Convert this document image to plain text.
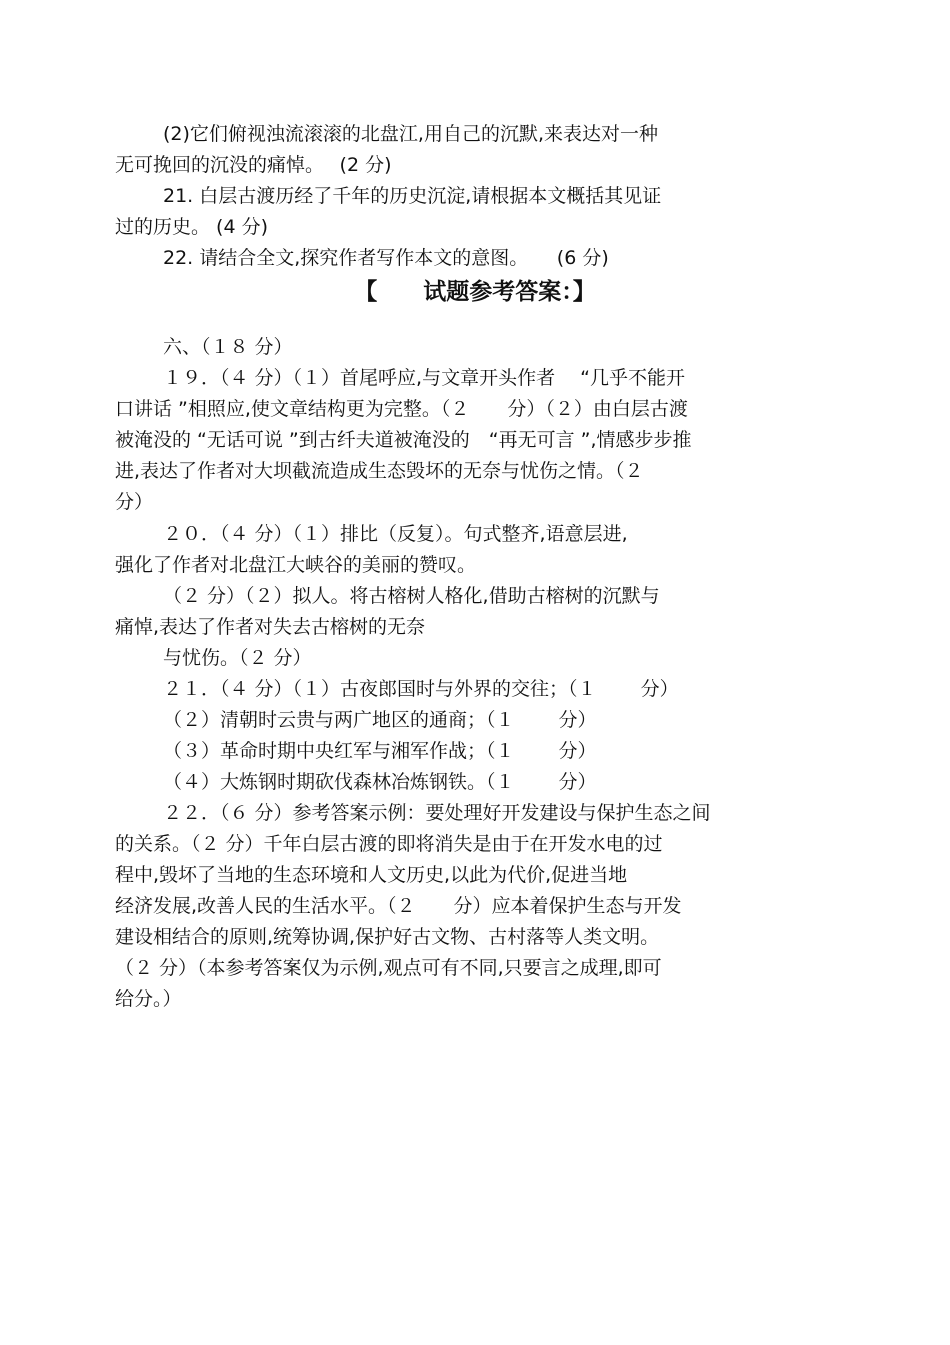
(2)它们俯视浊流滚滚的北盘江,用自己的沉默,来表达对一种
无可挽回的沉没的痛悼。　 (2 分)
21. 白层古渡历经了千年的历史沉淀,请根据本文概括其见证
过的历史。 (4 分)
22. 请结合全文,探究作者写作本文的意图。　　(6 分)
【　　试题参考答案：】
六、（１８ 分）
１９．（４ 分）（１）首尾呼应,与文章开头作者　 “几乎不能开
口讲话 ”相照应,使文章结构更为完整。（２　　分）（２）由白层古渡
被淹没的 “无话可说 ”到古纤夫道被淹没的　“再无可言 ”,情感步步推
进,表达了作者对大坝截流造成生态毁坏的无奈与忧伤之情。（２
分）
２０．（４ 分）（１）排比（反复）。句式整齐,语意层进,
强化了作者对北盘江大峡谷的美丽的赞叹。
（２ 分）（２）拟人。将古榕树人格化,借助古榕树的沉默与
痛悼,表达了作者对失去古榕树的无奈
与忧伤。（２ 分）
２１．（４ 分）（１）古夜郎国时与外界的交往；（１　　 分）
（２）清朝时云贵与两广地区的通商；（１　　 分）
（３）革命时期中央红军与湘军作战；（１　　 分）
（４）大炼钢时期砍伐森林冶炼钢铁。（１　　 分）
２２．（６ 分）参考答案示例：要处理好开发建设与保护生态之间
的关系。（２ 分）千年白层古渡的即将消失是由于在开发水电的过
程中,毁坏了当地的生态环境和人文历史,以此为代价,促进当地
经济发展,改善人民的生活水平。（２　　分）应本着保护生态与开发
建设相结合的原则,统筹协调,保护好古文物、古村落等人类文明。
（２ 分）（本参考答案仅为示例,观点可有不同,只要言之成理,即可
给分。）
